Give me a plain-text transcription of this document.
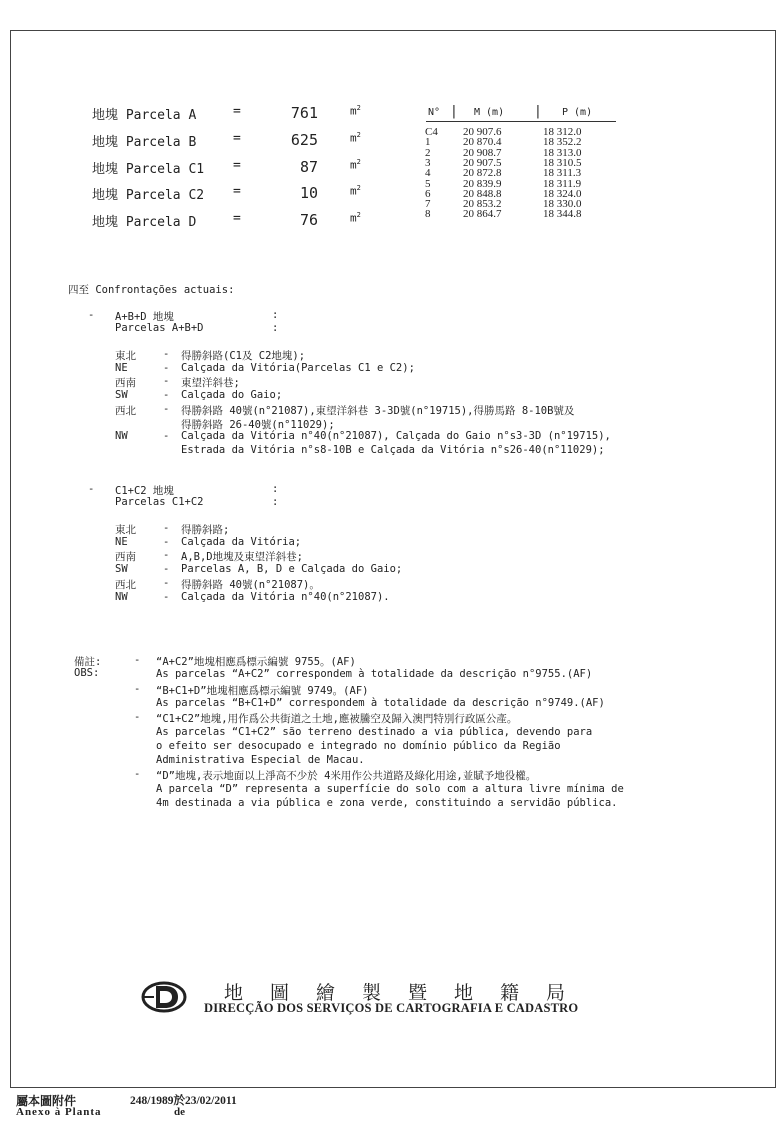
地塊 Parcela A	=	761	$m^2$
地塊 Parcela B	=	625	$m^2$
地塊 Parcela C1 =	87	$m^2$
地塊 Parcela C2 =	10	$m^2$
地塊 Parcela D	=	76	$m^2$
N° | M (m) | P (m)
C4 20 907.6	18 312.0
1	20 870.4	18 352.2
2	20 908.7	18 313.0
3	20 907.5	18 310.5
4	20 872.8	18 311.3
5	20 839.9	18 311.9
6	20 848.8	18 324.0
7	20 853.2	18 330.0
8	20 864.7	18 344.8
四至 Confrontações actuais:
- A+B+D 地塊	:
Parcelas A+B+D	:
東北	- 得勝斜路(C1及 C2地塊);
NE	- Calçada da Vitória(Parcelas C1 e C2);
西南	- 東望洋斜巷;
SW	- Calçada do Gaio;
西北	- 得勝斜路 40號(n°21087),東望洋斜巷 3-3D號(n°19715),得勝馬路 8-10B號及
得勝斜路 26-40號(n°11029);
NW	- Calçada da Vitória n°40(n°21087), Calçada do Gaio n°s3-3D (n°19715),
Estrada da Vitória n°s8-10B e Calçada da Vitória n°s26-40(n°11029);
- C1+C2 地塊	:
Parcelas C1+C2	:
東北	- 得勝斜路;
NE	- Calçada da Vitória;
西南	- A,B,D地塊及東望洋斜巷;
SW	- Parcelas A, B, D e Calçada do Gaio;
西北	- 得勝斜路 40號(n°21087)。
NW	- Calçada da Vitória n°40(n°21087).
備註:
OBS:
- “A+C2”地塊相應爲標示編號 9755。(AF)
As parcelas “A+C2” correspondem à totalidade da descrição n°9755.(AF)
- “B+C1+D”地塊相應爲標示編號 9749。(AF)
As parcelas “B+C1+D” correspondem à totalidade da descrição n°9749.(AF)
- “C1+C2”地塊,用作爲公共街道之土地,應被騰空及歸入澳門特別行政區公產。
As parcelas “C1+C2” são terreno destinado a via pública, devendo para
o efeito ser desocupado e integrado no domínio público da Região
Administrativa Especial de Macau.
- “D”地塊,表示地面以上淨高不少於 4米用作公共道路及綠化用途,並賦予地役權。
A parcela “D” representa a superfície do solo com a altura livre mínima de
4m destinada a via pública e zona verde, constituindo a servidão pública.
地 圖 繪 製 暨 地 籍 局
DIRECÇÃO DOS SERVIÇOS DE CARTOGRAFIA E CADASTRO
屬本圖附件
Anexo à Planta
248/1989於23/02/2011
de
